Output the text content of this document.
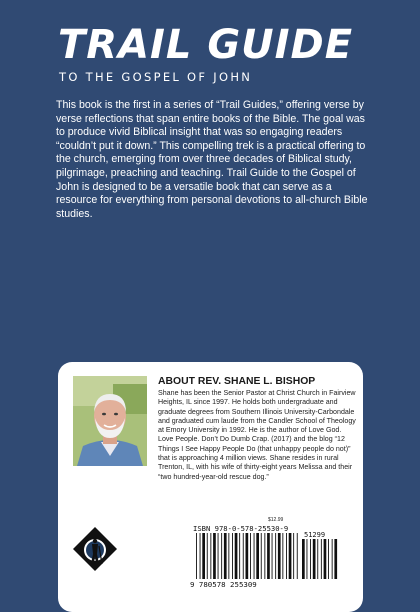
TRAIL GUIDE
TO THE GOSPEL OF JOHN

This book is the first in a series of “Trail Guides,” offering verse by verse reflections that span entire books of the Bible. The goal was to produce vivid Biblical insight that was so engaging readers “couldn’t put it down.” This compelling trek is a practical offering to the church, emerging from over three decades of Biblical study, pilgrimage, preaching and teaching. Trail Guide to the Gospel of John is designed to be a versatile book that can serve as a resource for everything from personal devotions to all-church Bible studies.

ABOUT REV. SHANE L. BISHOP

Shane has been the Senior Pastor at Christ Church in Fairview Heights, IL since 1997. He holds both undergraduate and graduate degrees from Southern Illinois University-Carbondale and graduated cum laude from the Candler School of Theology at Emory University in 1992. He is the author of Love God. Love People. Don’t Do Dumb Crap. (2017) and the blog “12 Things I See Happy People Do (that unhappy people do not)” that is approaching 4 million views. Shane resides in rural Trenton, IL, with his wife of thirty-eight years Melissa and their “two hundred-year-old rescue dog.”

$12.99
ISBN 978-0-578-25530-9
51299
9 780578 255309
